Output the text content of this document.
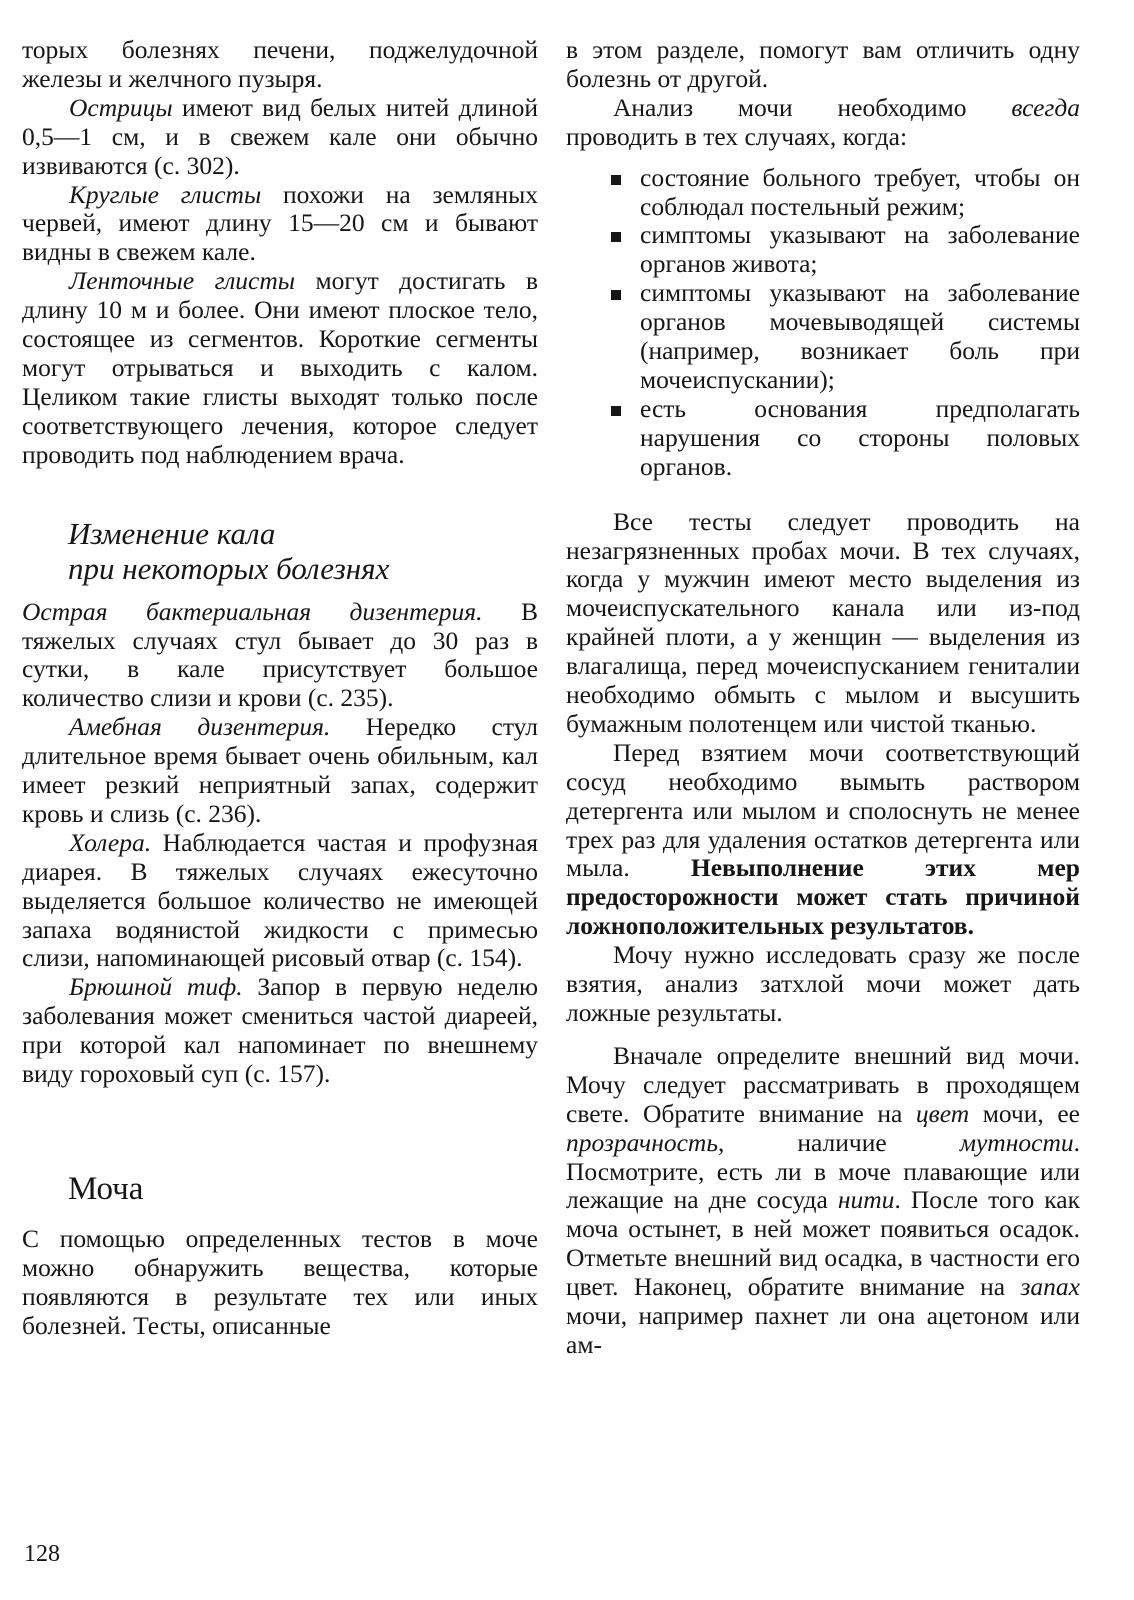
торых болезнях печени, поджелудочной железы и желчного пузыря.

Острицы имеют вид белых нитей длиной 0,5—1 см, и в свежем кале они обычно извиваются (с. 302).

Круглые глисты похожи на земляных червей, имеют длину 15—20 см и бывают видны в свежем кале.

Ленточные глисты могут достигать в длину 10 м и более. Они имеют плоское тело, состоящее из сегментов. Короткие сегменты могут отрываться и выходить с калом. Целиком такие глисты выходят только после соответствующего лечения, которое следует проводить под наблюдением врача.

Изменение кала
при некоторых болезнях

Острая бактериальная дизентерия. В тяжелых случаях стул бывает до 30 раз в сутки, в кале присутствует большое количество слизи и крови (с. 235).

Амебная дизентерия. Нередко стул длительное время бывает очень обильным, кал имеет резкий неприятный запах, содержит кровь и слизь (с. 236).

Холера. Наблюдается частая и профузная диарея. В тяжелых случаях ежесуточно выделяется большое количество не имеющей запаха водянистой жидкости с примесью слизи, напоминающей рисовый отвар (с. 154).

Брюшной тиф. Запор в первую неделю заболевания может смениться частой диареей, при которой кал напоминает по внешнему виду гороховый суп (с. 157).

Моча

С помощью определенных тестов в моче можно обнаружить вещества, которые появляются в результате тех или иных болезней. Тесты, описанные

в этом разделе, помогут вам отличить одну болезнь от другой.

Анализ мочи необходимо всегда проводить в тех случаях, когда:

состояние больного требует, чтобы он соблюдал постельный режим;
симптомы указывают на заболевание органов живота;
симптомы указывают на заболевание органов мочевыводящей системы (например, возникает боль при мочеиспускании);
есть основания предполагать нарушения со стороны половых органов.

Все тесты следует проводить на незагрязненных пробах мочи. В тех случаях, когда у мужчин имеют место выделения из мочеиспускательного канала или из-под крайней плоти, а у женщин — выделения из влагалища, перед мочеиспусканием гениталии необходимо обмыть с мылом и высушить бумажным полотенцем или чистой тканью.

Перед взятием мочи соответствующий сосуд необходимо вымыть раствором детергента или мылом и сполоснуть не менее трех раз для удаления остатков детергента или мыла. Невыполнение этих мер предосторожности может стать причиной ложноположительных результатов.

Мочу нужно исследовать сразу же после взятия, анализ затхлой мочи может дать ложные результаты.

Вначале определите внешний вид мочи. Мочу следует рассматривать в проходящем свете. Обратите внимание на цвет мочи, ее прозрачность, наличие мутности. Посмотрите, есть ли в моче плавающие или лежащие на дне сосуда нити. После того как моча остынет, в ней может появиться осадок. Отметьте внешний вид осадка, в частности его цвет. Наконец, обратите внимание на запах мочи, например пахнет ли она ацетоном или ам-

128
